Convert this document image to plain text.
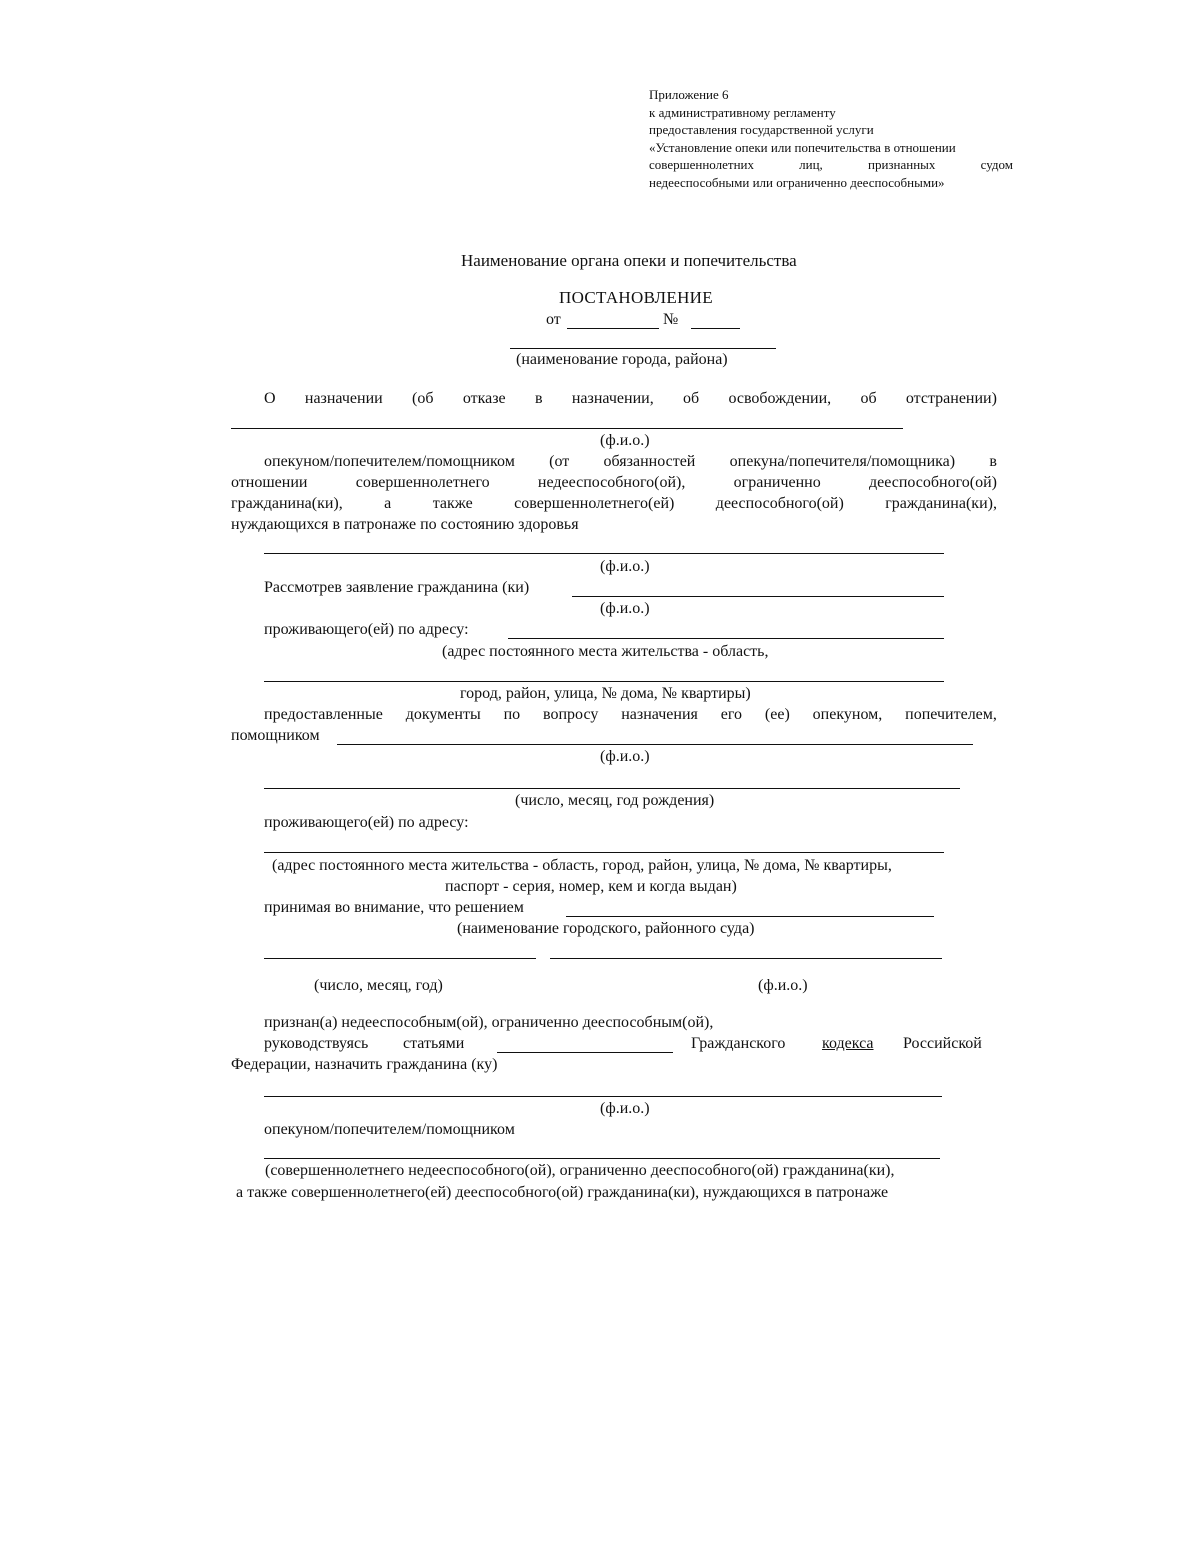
Приложение 6
к административному регламенту
предоставления государственной услуги
«Установление опеки или попечительства в отношении
совершеннолетних	лиц,	признанных	судом
недееспособными или ограниченно дееспособными»
Наименование органа опеки и попечительства
ПОСТАНОВЛЕНИЕ
от	№
(наименование города, района)
О назначении (об отказе в назначении, об освобождении, об отстранении)
(ф.и.о.)
опекуном/попечителем/помощником (от обязанностей опекуна/попечителя/помощника) в
отношении	совершеннолетнего	недееспособного(ой),	ограниченно	дееспособного(ой)
гражданина(ки),	а	также	совершеннолетнего(ей)	дееспособного(ой)	гражданина(ки),
нуждающихся в патронаже по состоянию здоровья
(ф.и.о.)
Рассмотрев заявление гражданина (ки)
(ф.и.о.)
проживающего(ей) по адресу:
(адрес постоянного места жительства - область,
город, район, улица, № дома, № квартиры)
предоставленные документы по вопросу назначения его (ее) опекуном, попечителем,
помощником
(ф.и.о.)
(число, месяц, год рождения)
проживающего(ей) по адресу:
(адрес постоянного места жительства - область, город, район, улица, № дома, № квартиры,
паспорт - серия, номер, кем и когда выдан)
принимая во внимание, что решением
(наименование городского, районного суда)
(число, месяц, год)	(ф.и.о.)
признан(а) недееспособным(ой), ограниченно дееспособным(ой),
руководствуясь статьями	Гражданского кодекса Российской
Федерации, назначить гражданина (ку)
(ф.и.о.)
опекуном/попечителем/помощником
(совершеннолетнего недееспособного(ой), ограниченно дееспособного(ой) гражданина(ки),
а также совершеннолетнего(ей) дееспособного(ой) гражданина(ки), нуждающихся в патронаже
